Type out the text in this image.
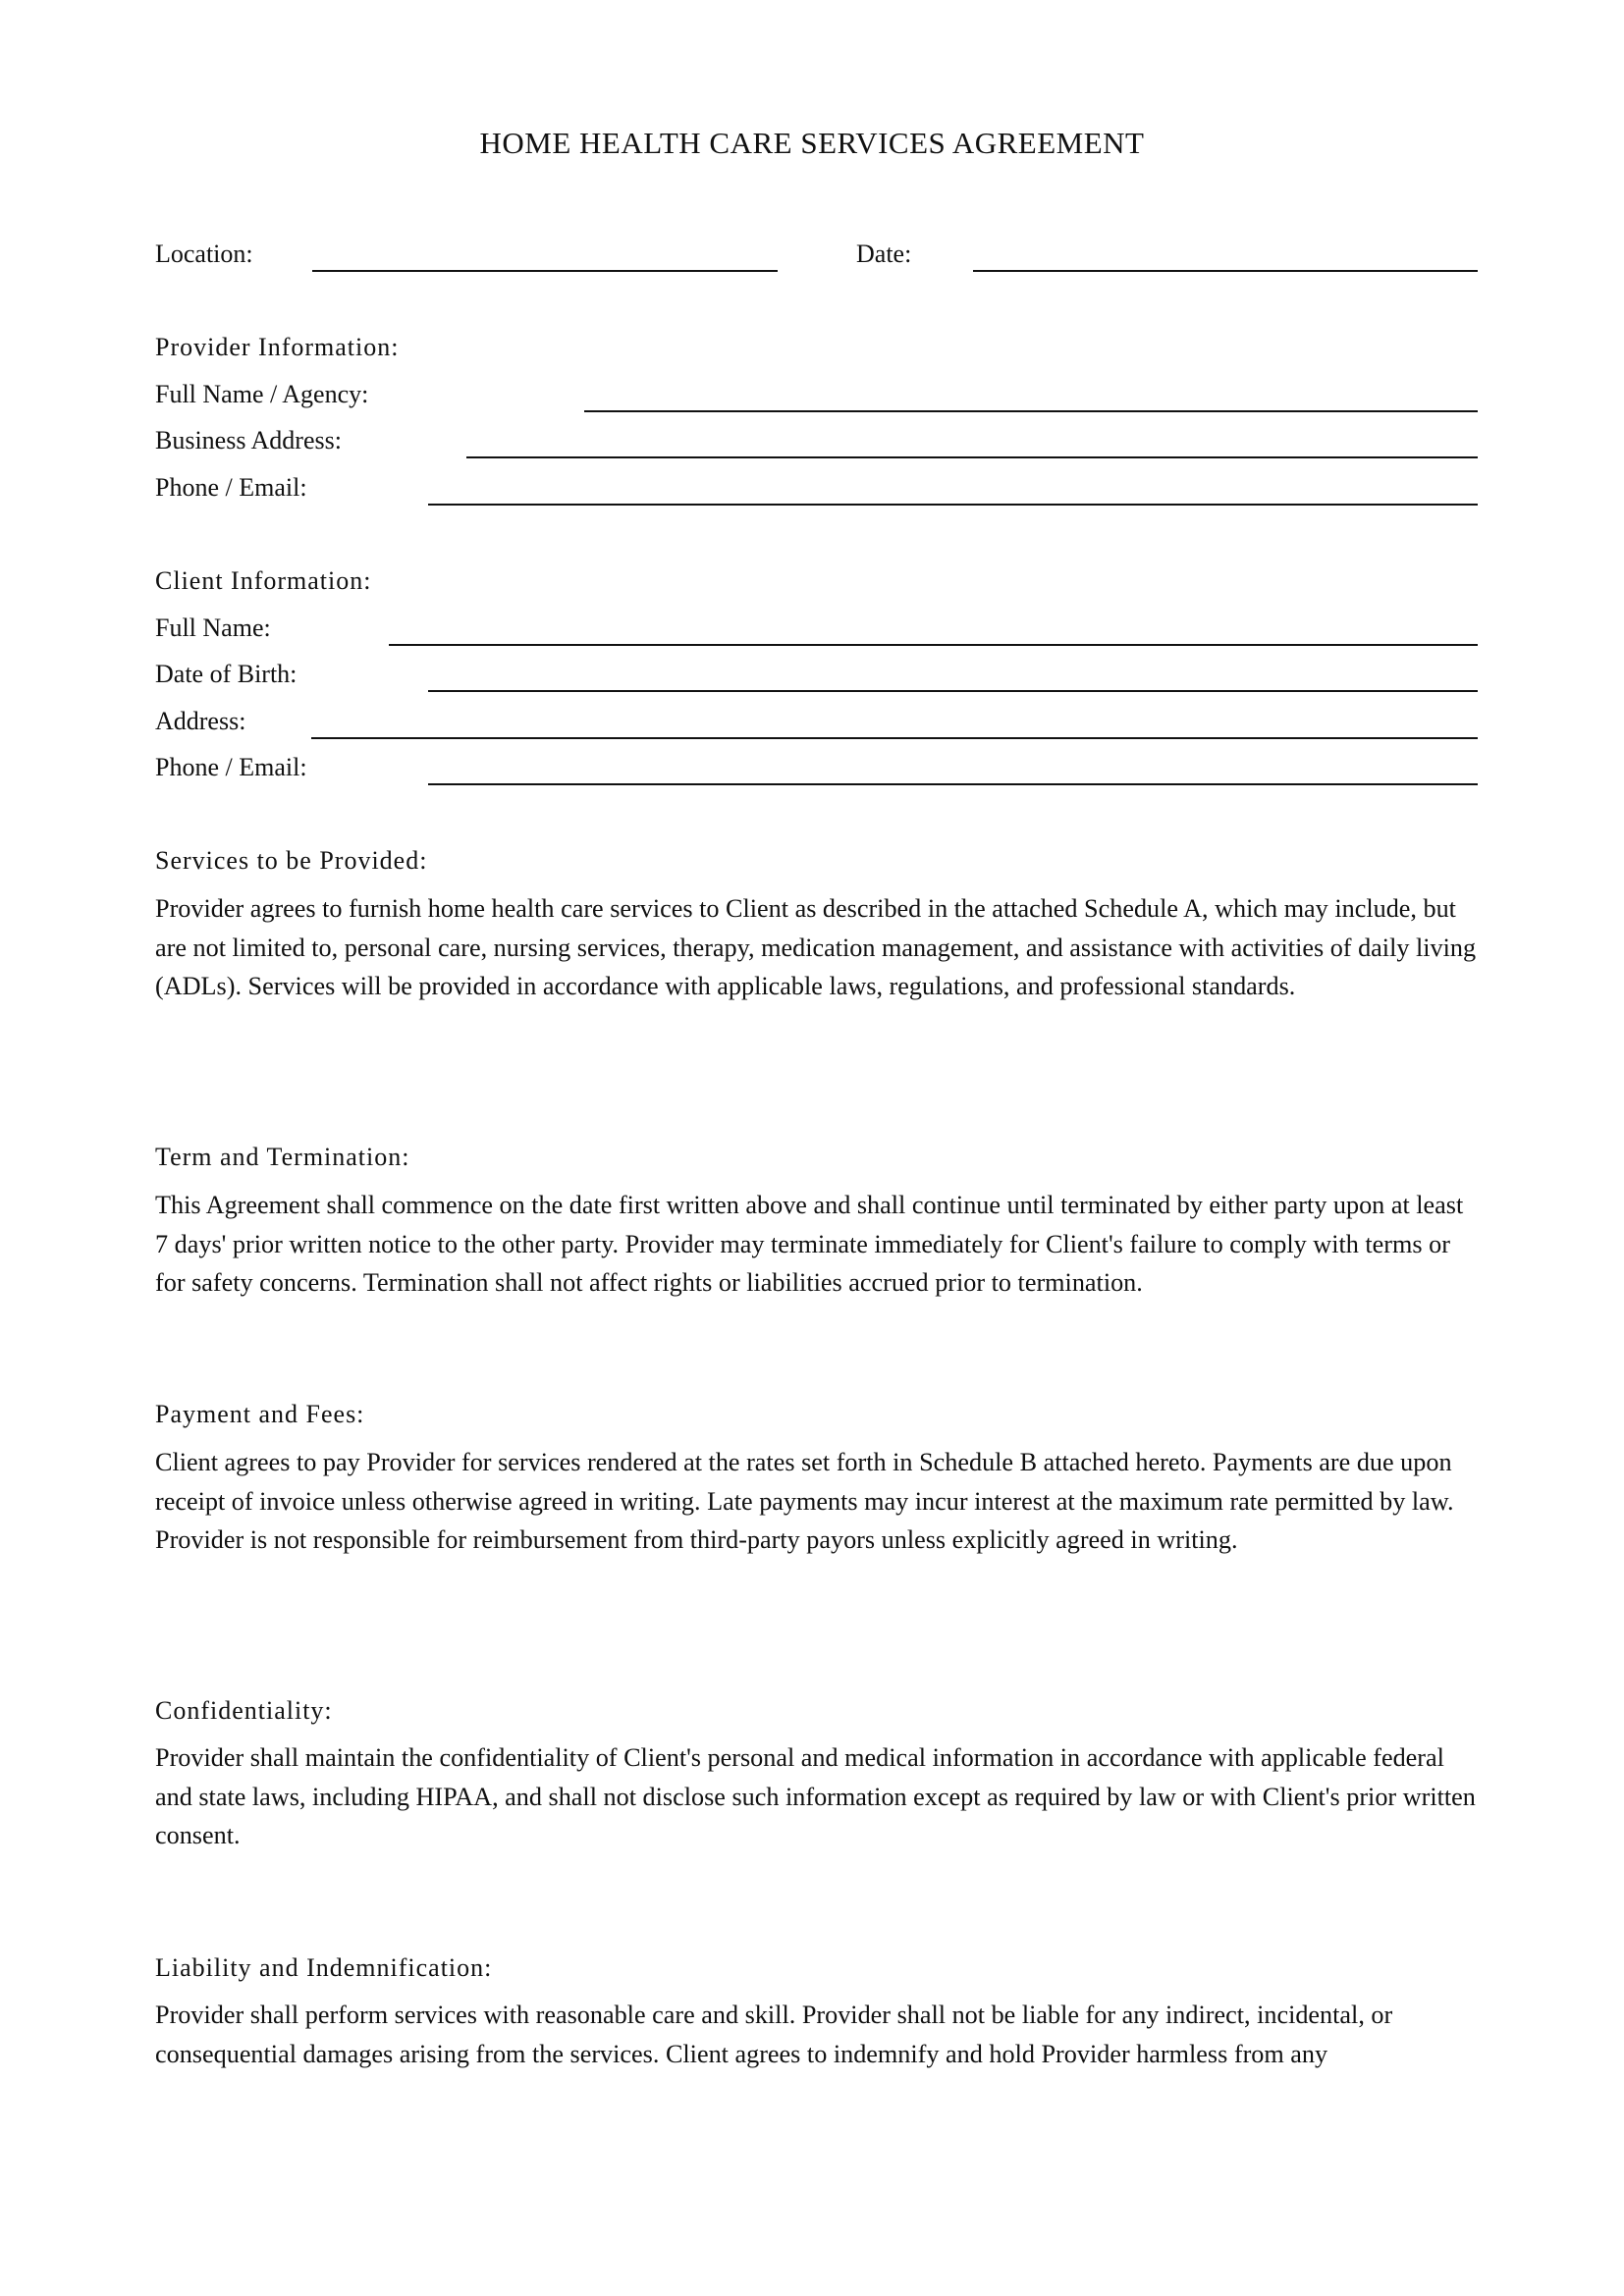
HOME HEALTH CARE SERVICES AGREEMENT
Location:	Date:
Provider Information:
Full Name / Agency:
Business Address:
Phone / Email:
Client Information:
Full Name:
Date of Birth:
Address:
Phone / Email:
Services to be Provided:

Provider agrees to furnish home health care services to Client as described in the attached Schedule A, which may include, but are not limited to, personal care, nursing services, therapy, medication management, and assistance with activities of daily living (ADLs). Services will be provided in accordance with applicable laws, regulations, and professional standards.

Term and Termination:

This Agreement shall commence on the date first written above and shall continue until terminated by either party upon at least 7 days' prior written notice to the other party. Provider may terminate immediately for Client's failure to comply with terms or for safety concerns. Termination shall not affect rights or liabilities accrued prior to termination.

Payment and Fees:

Client agrees to pay Provider for services rendered at the rates set forth in Schedule B attached hereto. Payments are due upon receipt of invoice unless otherwise agreed in writing. Late payments may incur interest at the maximum rate permitted by law. Provider is not responsible for reimbursement from third-party payors unless explicitly agreed in writing.

Confidentiality:

Provider shall maintain the confidentiality of Client's personal and medical information in accordance with applicable federal and state laws, including HIPAA, and shall not disclose such information except as required by law or with Client's prior written consent.

Liability and Indemnification:

Provider shall perform services with reasonable care and skill. Provider shall not be liable for any indirect, incidental, or consequential damages arising from the services. Client agrees to indemnify and hold Provider harmless from any
